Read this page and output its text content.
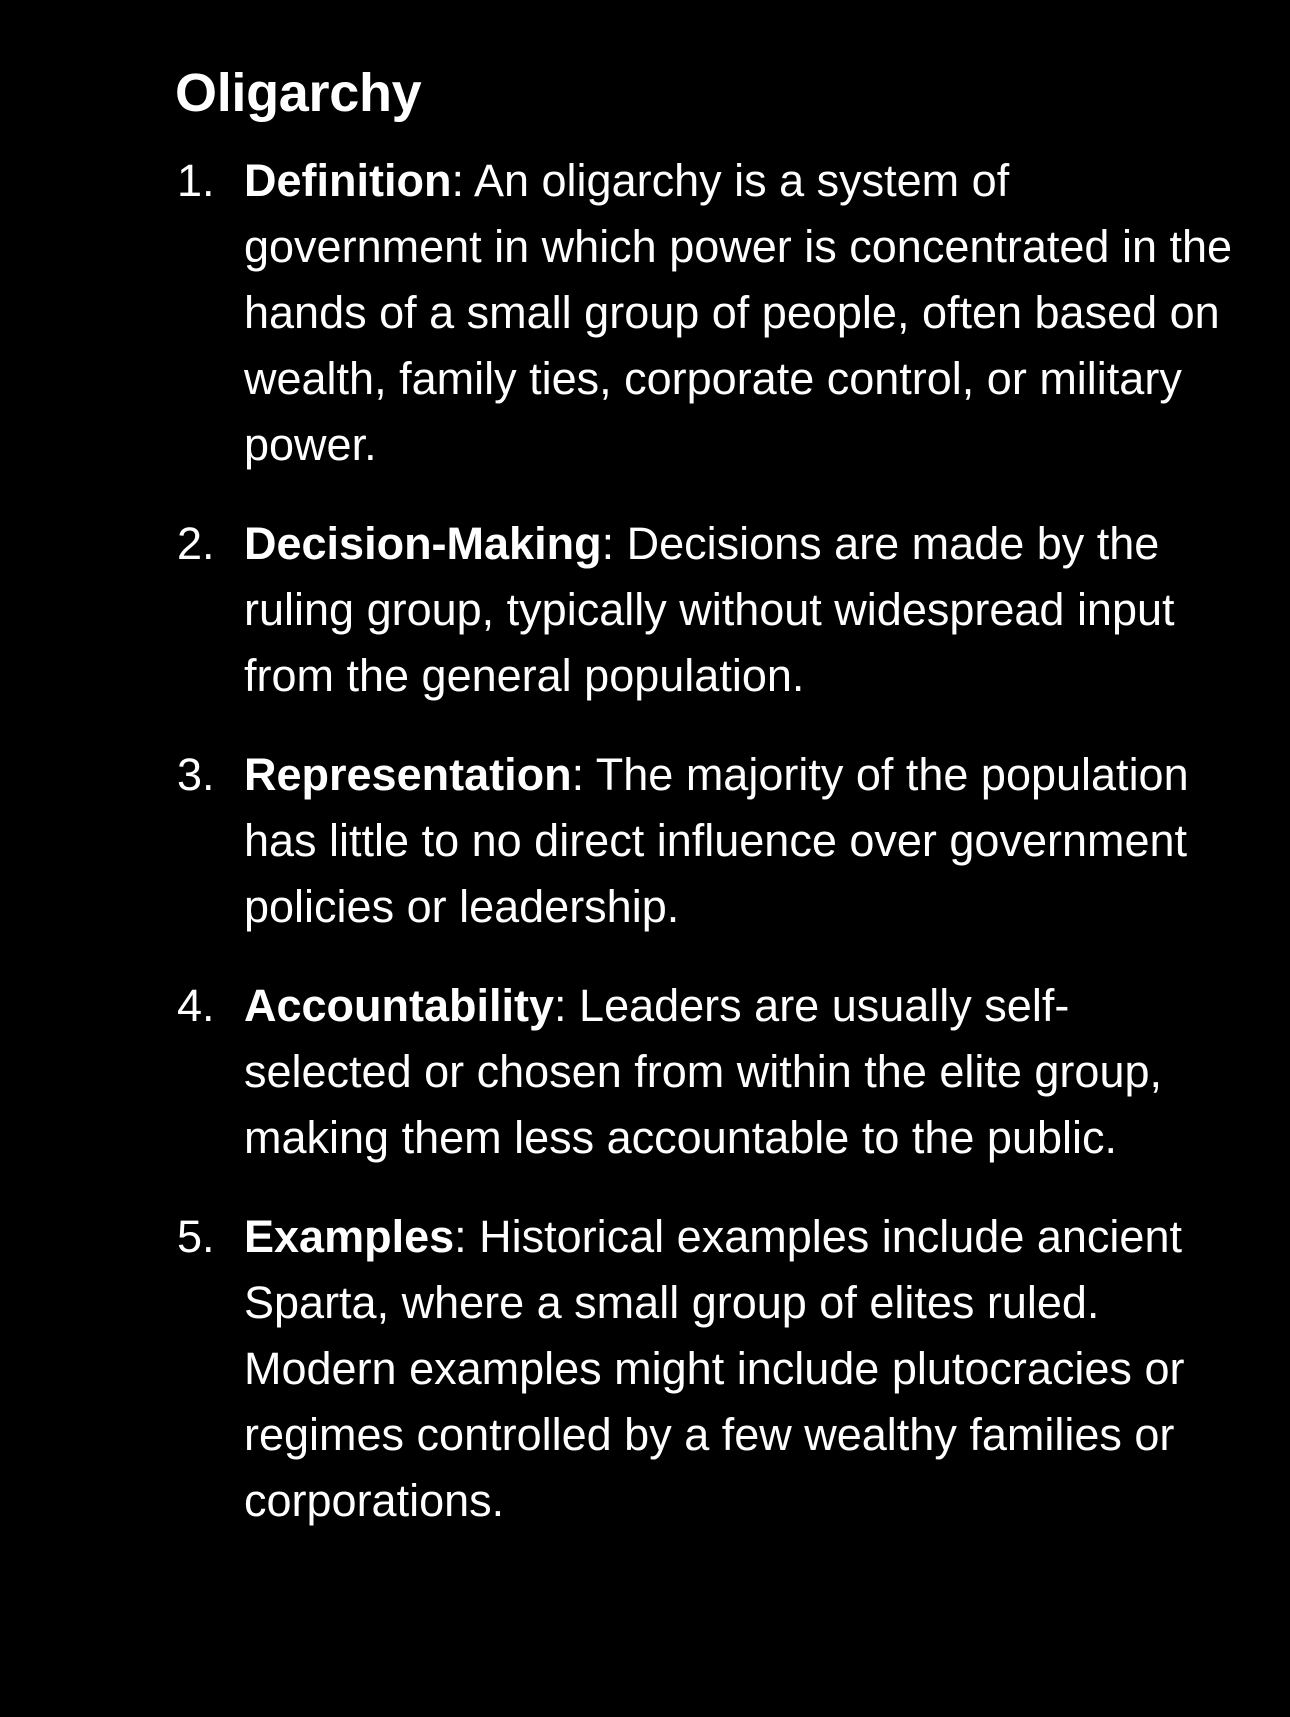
Oligarchy
1. Definition: An oligarchy is a system of government in which power is concentrated in the hands of a small group of people, often based on wealth, family ties, corporate control, or military power.
2. Decision-Making: Decisions are made by the ruling group, typically without widespread input from the general population.
3. Representation: The majority of the population has little to no direct influence over government policies or leadership.
4. Accountability: Leaders are usually self-selected or chosen from within the elite group, making them less accountable to the public.
5. Examples: Historical examples include ancient Sparta, where a small group of elites ruled. Modern examples might include plutocracies or regimes controlled by a few wealthy families or corporations.
